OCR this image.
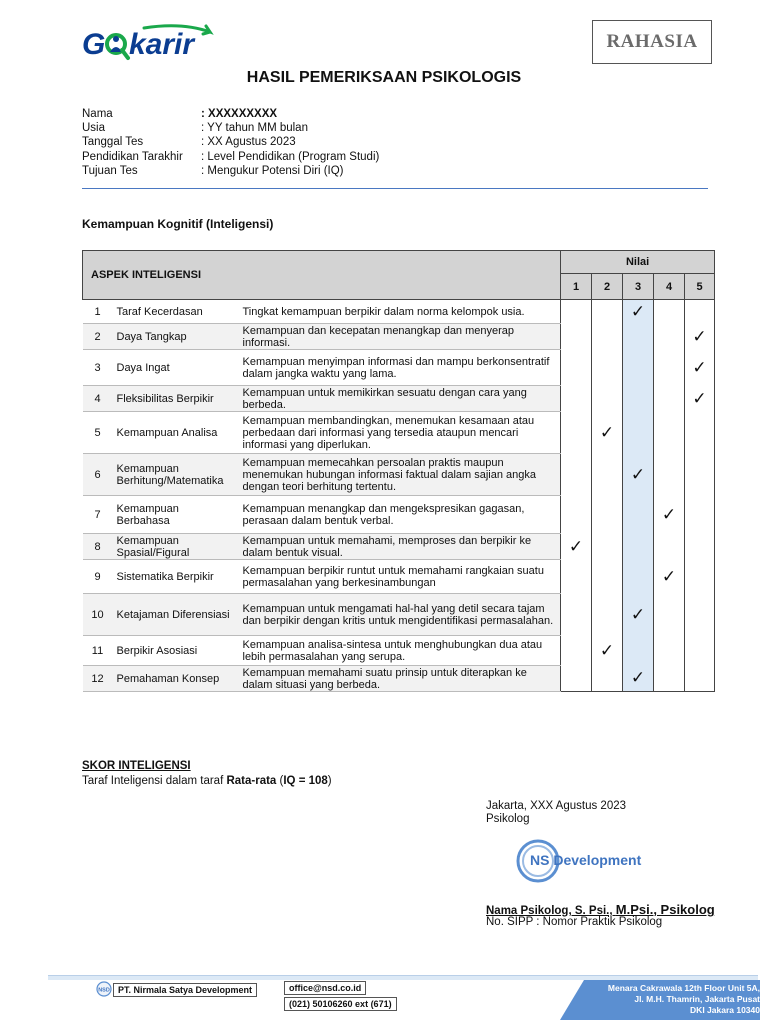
G karir	RAHASIA
HASIL PEMERIKSAAN PSIKOLOGIS
Nama	: XXXXXXXXX
Usia	: YY tahun MM bulan
Tanggal Tes	: XX Agustus 2023
Pendidikan Tarakhir	: Level Pendidikan (Program Studi)
Tujuan Tes	: Mengukur Potensi Diri (IQ)
Kemampuan Kognitif (Inteligensi)
ASPEK INTELIGENSI			Nilai				
			1	2	3	4	5
1	Taraf Kecerdasan	Tingkat kemampuan berpikir dalam norma kelompok usia.			✓		
2	Daya Tangkap	Kemampuan dan kecepatan menangkap dan menyerap informasi.					✓
3	Daya Ingat	Kemampuan menyimpan informasi dan mampu berkonsentratif dalam jangka waktu yang lama.					✓
4	Fleksibilitas Berpikir	Kemampuan untuk memikirkan sesuatu dengan cara yang berbeda.					✓
5	Kemampuan Analisa	Kemampuan membandingkan, menemukan kesamaan atau perbedaan dari informasi yang tersedia ataupun mencari informasi yang diperlukan.		✓			
6	Kemampuan Berhitung/Matematika	Kemampuan memecahkan persoalan praktis maupun menemukan hubungan informasi faktual dalam sajian angka dengan teori berhitung tertentu.			✓		
7	Kemampuan Berbahasa	Kemampuan menangkap dan mengekspresikan gagasan, perasaan dalam bentuk verbal.				✓	
8	Kemampuan Spasial/Figural	Kemampuan untuk memahami, memproses dan berpikir ke dalam bentuk visual.	✓				
9	Sistematika Berpikir	Kemampuan berpikir runtut untuk memahami rangkaian suatu permasalahan yang berkesinambungan				✓	
10	Ketajaman Diferensiasi	Kemampuan untuk mengamati hal-hal yang detil secara tajam dan berpikir dengan kritis untuk mengidentifikasi permasalahan.			✓		
11	Berpikir Asosiasi	Kemampuan analisa-sintesa untuk menghubungkan dua atau lebih permasalahan yang serupa.		✓			
12	Pemahaman Konsep	Kemampuan memahami suatu prinsip untuk diterapkan ke dalam situasi yang berbeda.			✓		
SKOR INTELIGENSI
Taraf Inteligensi dalam taraf Rata-rata (IQ = 108)
Jakarta, XXX Agustus 2023
Psikolog
NS Development
Nama Psikolog, S. Psi., M.Psi., Psikolog
No. SIPP : Nomor Praktik Psikolog
NSD PT. Nirmala Satya Development	office@nsd.co.id
(021) 50106260 ext (671)
Menara Cakrawala 12th Floor Unit 5A,
Jl. M.H. Thamrin, Jakarta Pusat
DKI Jakara 10340
